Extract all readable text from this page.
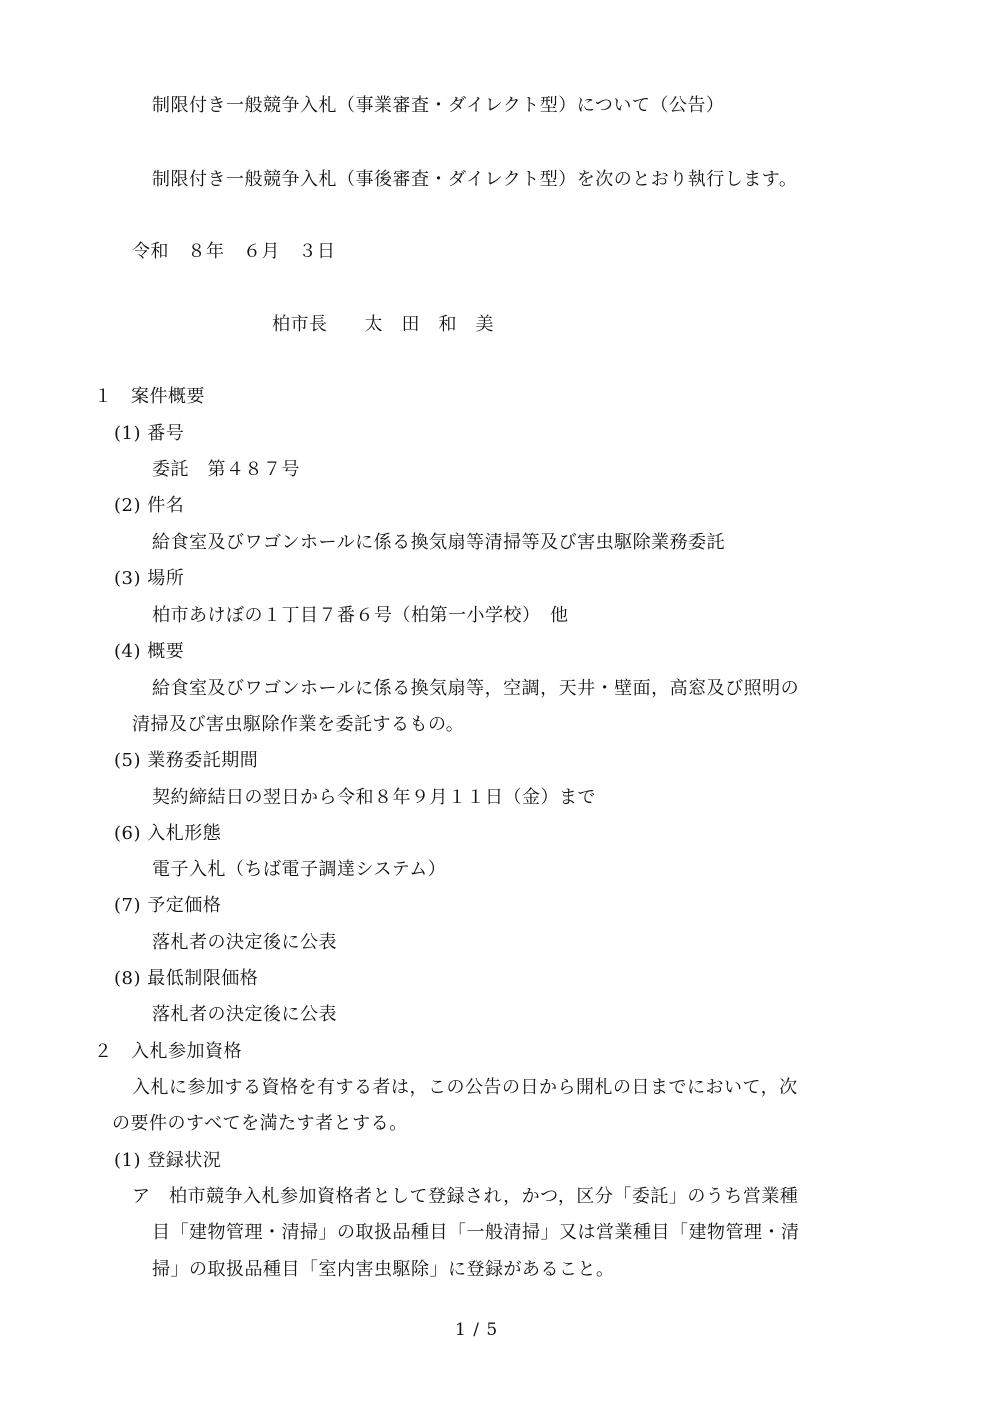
制限付き一般競争入札（事業審査・ダイレクト型）について（公告）
制限付き一般競争入札（事後審査・ダイレクト型）を次のとおり執行します。
令和　８年　６月　３日
柏市長　　太　田　和　美
１　案件概要
(1) 番号
委託　第４８７号
(2) 件名
給食室及びワゴンホールに係る換気扇等清掃等及び害虫駆除業務委託
(3) 場所
柏市あけぼの１丁目７番６号（柏第一小学校）　他
(4) 概要
給食室及びワゴンホールに係る換気扇等，空調，天井・壁面，高窓及び照明の
清掃及び害虫駆除作業を委託するもの。
(5) 業務委託期間
契約締結日の翌日から令和８年９月１１日（金）まで
(6) 入札形態
電子入札（ちば電子調達システム）
(7) 予定価格
落札者の決定後に公表
(8) 最低制限価格
落札者の決定後に公表
２　入札参加資格
入札に参加する資格を有する者は，この公告の日から開札の日までにおいて，次
の要件のすべてを満たす者とする。
(1) 登録状況
ア　柏市競争入札参加資格者として登録され，かつ，区分「委託」のうち営業種
目「建物管理・清掃」の取扱品種目「一般清掃」又は営業種目「建物管理・清
掃」の取扱品種目「室内害虫駆除」に登録があること。
1 / 5
